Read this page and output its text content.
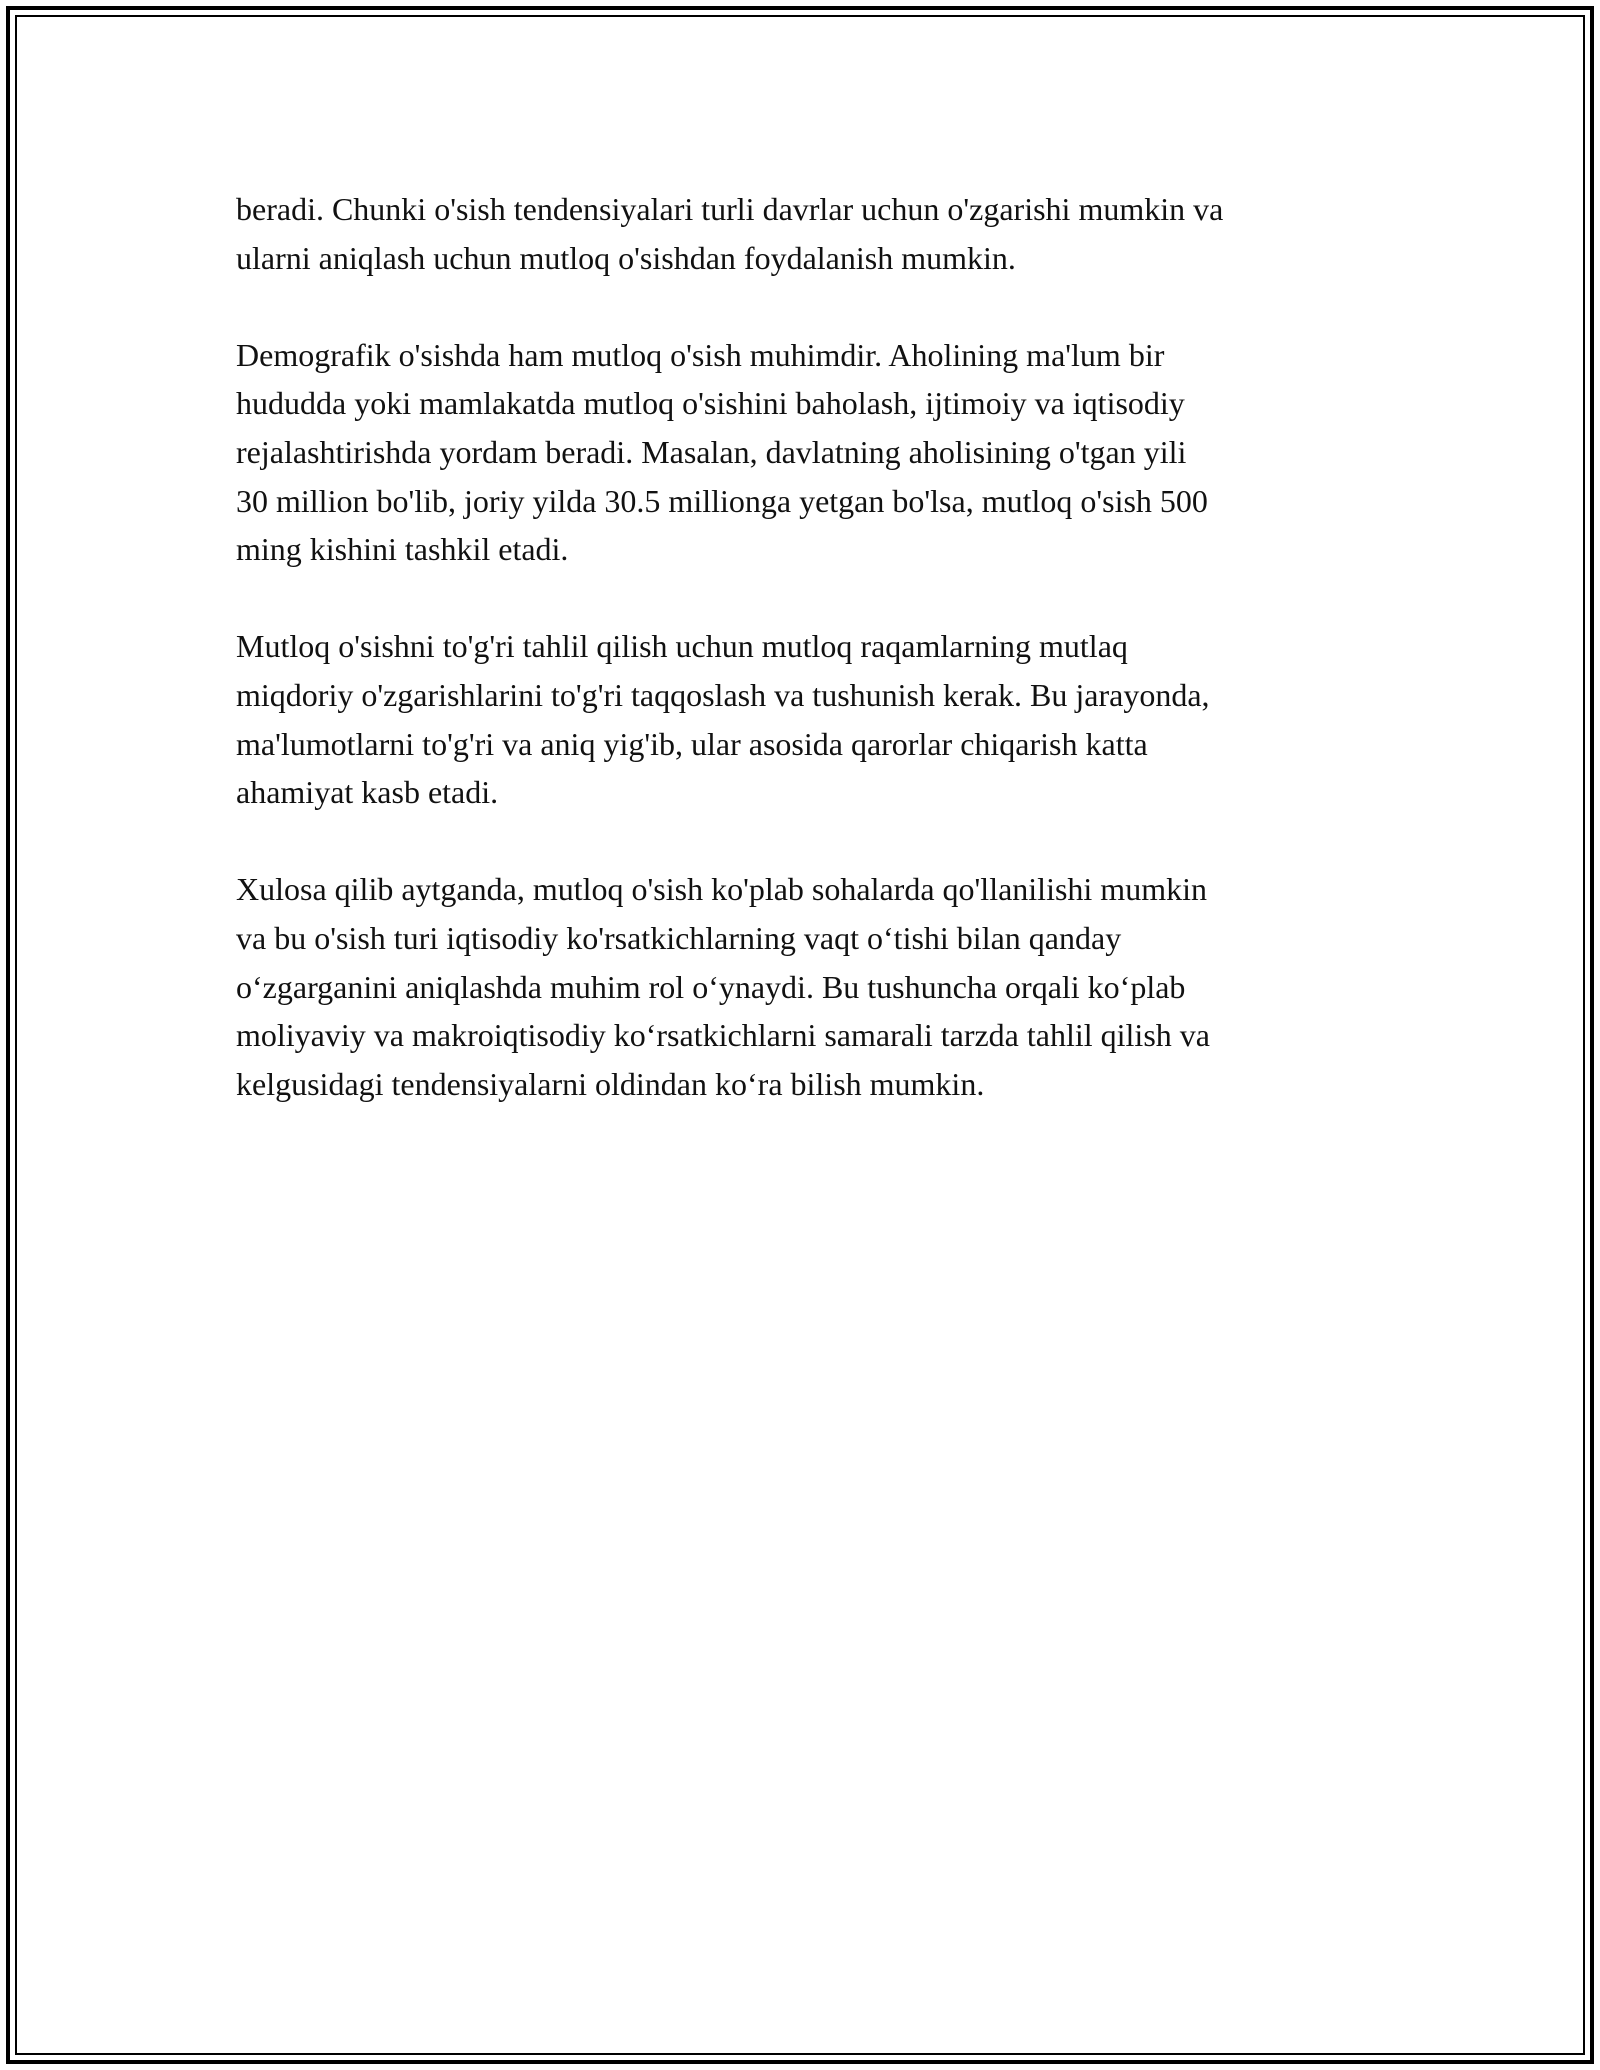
beradi. Chunki o'sish tendensiyalari turli davrlar uchun o'zgarishi mumkin va
ularni aniqlash uchun mutloq o'sishdan foydalanish mumkin.

Demografik o'sishda ham mutloq o'sish muhimdir. Aholining ma'lum bir
hududda yoki mamlakatda mutloq o'sishini baholash, ijtimoiy va iqtisodiy
rejalashtirishda yordam beradi. Masalan, davlatning aholisining o'tgan yili
30 million bo'lib, joriy yilda 30.5 millionga yetgan bo'lsa, mutloq o'sish 500
ming kishini tashkil etadi.

Mutloq o'sishni to'g'ri tahlil qilish uchun mutloq raqamlarning mutlaq
miqdoriy o'zgarishlarini to'g'ri taqqoslash va tushunish kerak. Bu jarayonda,
ma'lumotlarni to'g'ri va aniq yig'ib, ular asosida qarorlar chiqarish katta
ahamiyat kasb etadi.

Xulosa qilib aytganda, mutloq o'sish ko'plab sohalarda qo'llanilishi mumkin
va bu o'sish turi iqtisodiy ko'rsatkichlarning vaqt o‘tishi bilan qanday
o‘zgarganini aniqlashda muhim rol o‘ynaydi. Bu tushuncha orqali ko‘plab
moliyaviy va makroiqtisodiy ko‘rsatkichlarni samarali tarzda tahlil qilish va
kelgusidagi tendensiyalarni oldindan ko‘ra bilish mumkin.
